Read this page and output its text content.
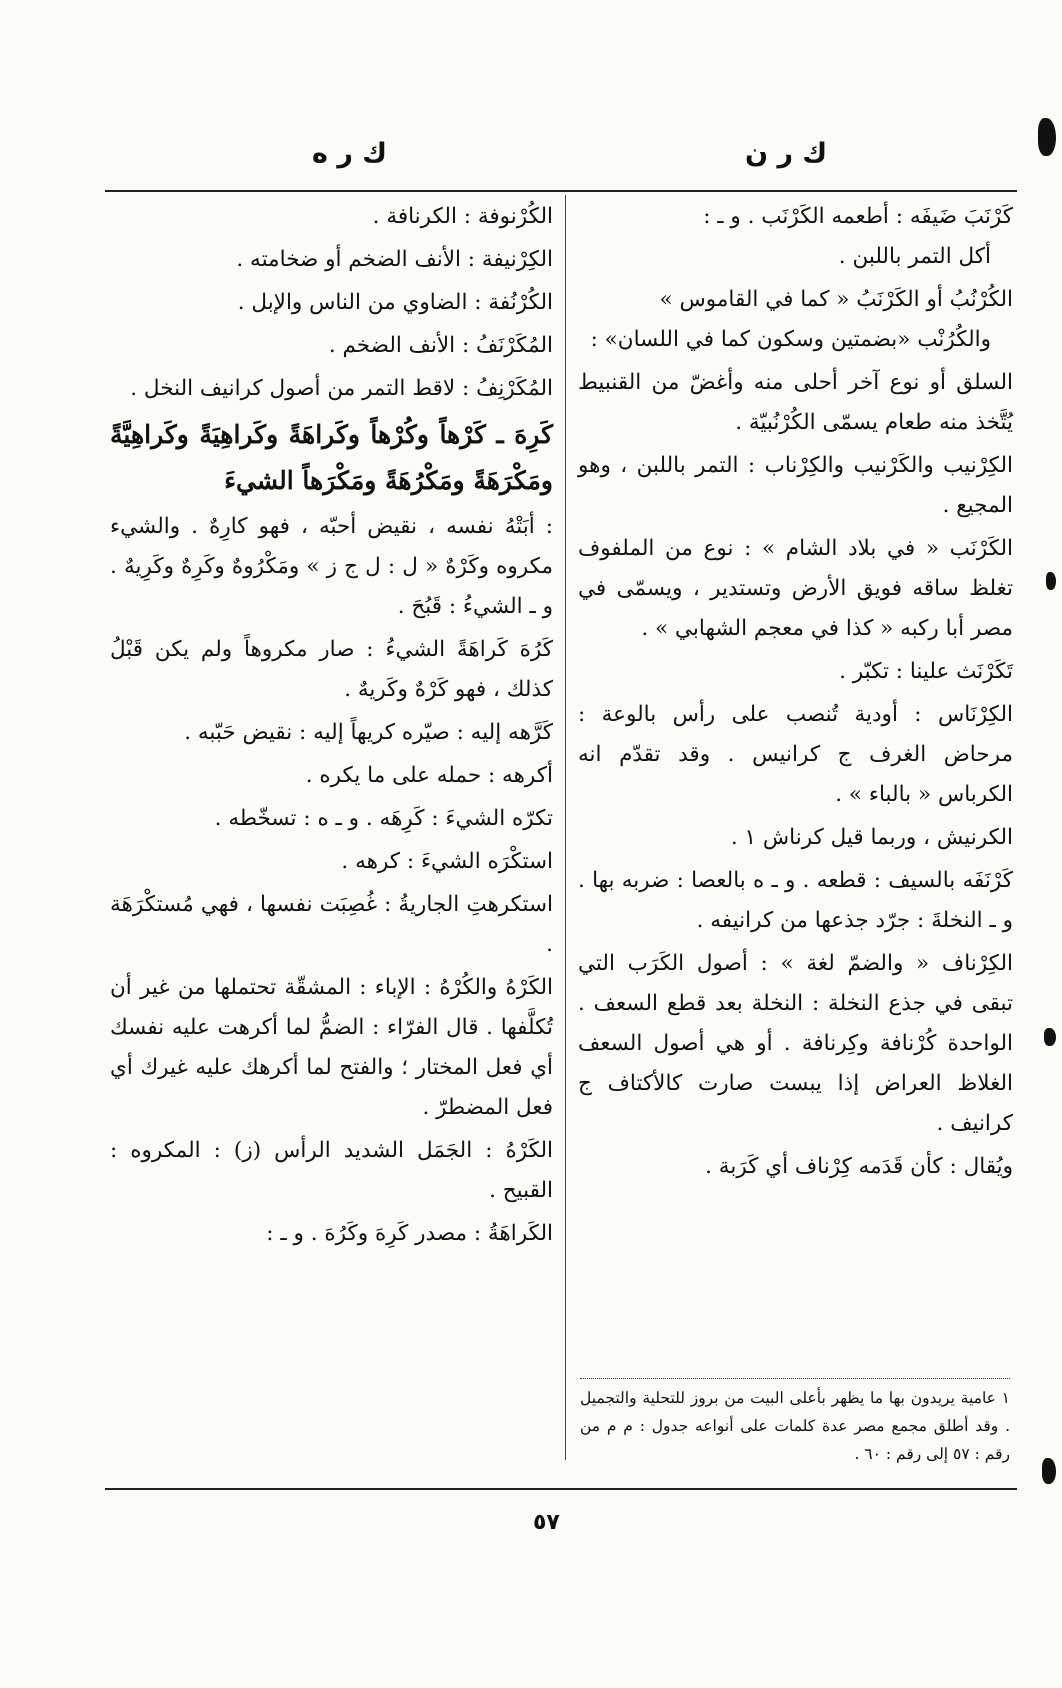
ك ر ن
ك ر ه
كَرْنَبَ ضَيفَه : أطعمه الكَرْنَب . و ـ :
أكل التمر باللبن .
الكُرْنُبُ أو الكَرْنَبُ « كما في القاموس »
والكُرُنْب «بضمتين وسكون كما في اللسان» :
السلق أو نوع آخر أحلى منه وأغضّ من القنبيط يُتَّخذ منه طعام يسمّى الكُرْنُبيّة .
الكِرْنيب والكَرْنيب والكِرْناب : التمر باللبن ، وهو المجيع .
الكَرْنَب « في بلاد الشام » : نوع من الملفوف تغلظ ساقه فويق الأرض وتستدير ، ويسمّى في مصر أبا ركبه « كذا في معجم الشهابي » .
تَكَرْنَث علينا : تكبّر .
الكِرْنَاس : أودية تُنصب على رأس بالوعة : مرحاض الغرف ج كرانيس . وقد تقدّم انه الكرباس « بالباء » .
الكرنيش ، وربما قيل كرناش ١ .
كَرْنَفَه بالسيف : قطعه . و ـ ه بالعصا : ضربه بها . و ـ النخلةَ : جرّد جذعها من كرانيفه .
الكِرْناف « والضمّ لغة » : أصول الكَرَب التي تبقى في جذع النخلة : النخلة بعد قطع السعف . الواحدة كُرْنافة وكِرنافة . أو هي أصول السعف الغلاظ العراض إذا يبست صارت كالأكتاف ج كرانيف .
ويُقال : كأن قَدَمه كِرْناف أي كَرَبة .
الكُرْنوفة : الكرنافة .
الكِرْنيفة : الأنف الضخم أو ضخامته .
الكُرْنُفة : الضاوي من الناس والإبل .
المُكَرْنَفُ : الأنف الضخم .
المُكَرْنِفُ : لاقط التمر من أصول كرانيف النخل .
كَرِهَ ـ كَرْهاً وكُرْهاً وكَراهَةً وكَراهِيَةً وكَراهِيَّةً ومَكْرَهَةً ومَكْرُهَةً ومَكْرَهاً الشيءَ
: أبَتْهُ نفسه ، نقيض أحبّه ، فهو كارِهٌ . والشيء مكروه وكَرْهٌ « ل : ل ج ز » ومَكْرُوهٌ وكَرِهٌ وكَرِيهٌ . و ـ الشيءُ : قَبُحَ .
كَرُهَ كَراهَةً الشيءُ : صار مكروهاً ولم يكن قَبْلُ كذلك ، فهو كَرْهٌ وكَريهٌ .
كَرَّهه إليه : صيّره كريهاً إليه : نقيض حَبّبه .
أكرهه : حمله على ما يكره .
تكرّه الشيءَ : كَرِهَه . و ـ ه : تسخّطه .
استكْرَه الشيءَ : كرهه .
استكرهتِ الجاريةُ : غُصِبَت نفسها ، فهي مُستكْرَهَة .
الكَرْهُ والكُرْهُ : الإباء : المشقّة تحتملها من غير أن تُكلَّفها . قال الفرّاء : الضمُّ لما أكرهت عليه نفسك أي فعل المختار ؛ والفتح لما أكرهك عليه غيرك أي فعل المضطرّ .
الكَرْهُ : الجَمَل الشديد الرأس (ز) : المكروه : القبيح .
الكَراهَةُ : مصدر كَرِهَ وكَرُهَ . و ـ :
١ عامية يريدون بها ما يظهر بأعلى البيت من بروز للتحلية والتجميل . وقد أطلق مجمع مصر عدة كلمات على أنواعه جدول : م م من رقم : ٥٧ إلى رقم : ٦٠ .
٥٧
